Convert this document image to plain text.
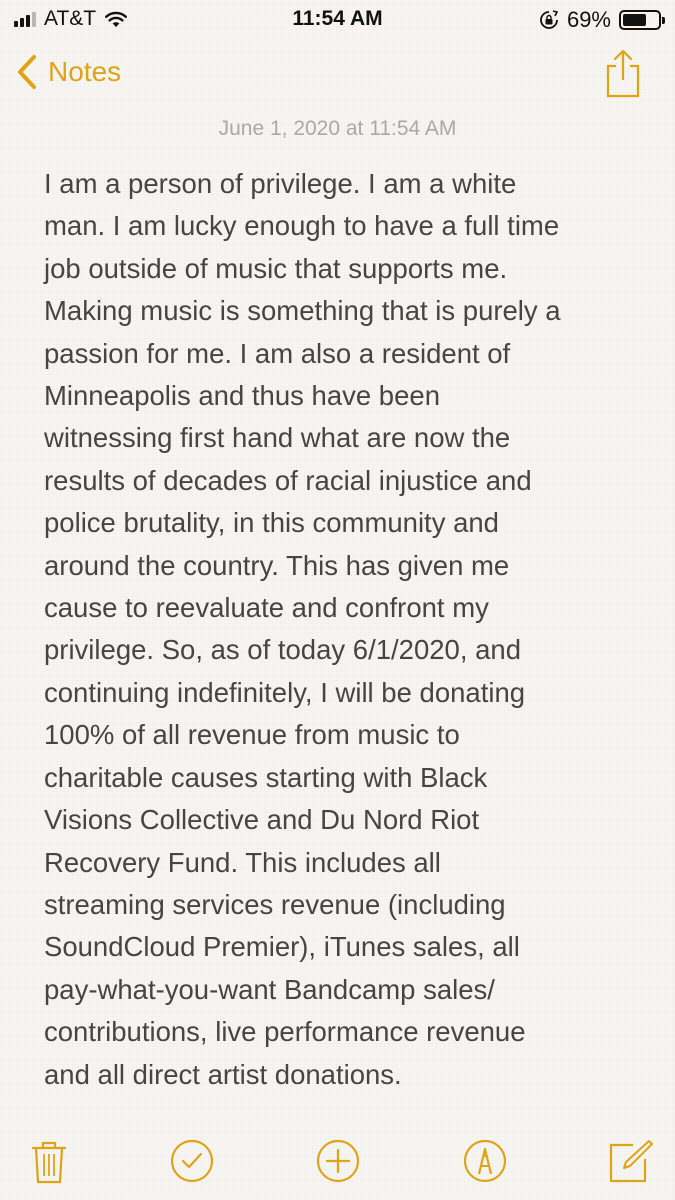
AT&T	11:54 AM	69%
Notes
June 1, 2020 at 11:54 AM
I am a person of privilege. I am a white
man. I am lucky enough to have a full time
job outside of music that supports me.
Making music is something that is purely a
passion for me. I am also a resident of
Minneapolis and thus have been
witnessing first hand what are now the
results of decades of racial injustice and
police brutality, in this community and
around the country. This has given me
cause to reevaluate and confront my
privilege. So, as of today 6/1/2020, and
continuing indefinitely, I will be donating
100% of all revenue from music to
charitable causes starting with Black
Visions Collective and Du Nord Riot
Recovery Fund. This includes all
streaming services revenue (including
SoundCloud Premier), iTunes sales, all
pay-what-you-want Bandcamp sales/
contributions, live performance revenue
and all direct artist donations.
